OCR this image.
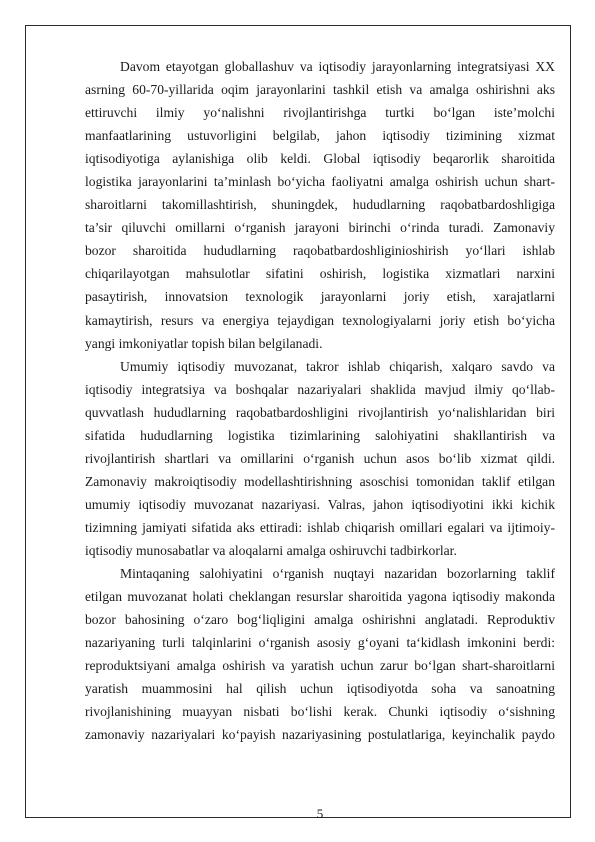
Davom etayotgan globallashuv va iqtisodiy jarayonlarning integratsiyasi XX
asrning 60-70-yillarida oqim jarayonlarini tashkil etish va amalga oshirishni aks
ettiruvchi ilmiy yoʻnalishni rivojlantirishga turtki boʻlgan isteʼmolchi
manfaatlarining ustuvorligini belgilab, jahon iqtisodiy tizimining xizmat
iqtisodiyotiga aylanishiga olib keldi. Global iqtisodiy beqarorlik sharoitida
logistika jarayonlarini taʼminlash boʻyicha faoliyatni amalga oshirish uchun shart-
sharoitlarni takomillashtirish, shuningdek, hududlarning raqobatbardoshligiga
ta’sir qiluvchi omillarni oʻrganish jarayoni birinchi oʻrinda turadi. Zamonaviy
bozor sharoitida hududlarning raqobatbardoshliginioshirish yoʻllari ishlab
chiqarilayotgan mahsulotlar sifatini oshirish, logistika xizmatlari narxini
pasaytirish, innovatsion texnologik jarayonlarni joriy etish, xarajatlarni
kamaytirish, resurs va energiya tejaydigan texnologiyalarni joriy etish boʻyicha
yangi imkoniyatlar topish bilan belgilanadi.
Umumiy iqtisodiy muvozanat, takror ishlab chiqarish, xalqaro savdo va
iqtisodiy integratsiya va boshqalar nazariyalari shaklida mavjud ilmiy qoʻllab-
quvvatlash hududlarning raqobatbardoshligini rivojlantirish yoʻnalishlaridan biri
sifatida hududlarning logistika tizimlarining salohiyatini shakllantirish va
rivojlantirish shartlari va omillarini oʻrganish uchun asos boʻlib xizmat qildi.
Zamonaviy makroiqtisodiy modellashtirishning asoschisi tomonidan taklif etilgan
umumiy iqtisodiy muvozanat nazariyasi. Valras, jahon iqtisodiyotini ikki kichik
tizimning jamiyati sifatida aks ettiradi: ishlab chiqarish omillari egalari va ijtimoiy-
iqtisodiy munosabatlar va aloqalarni amalga oshiruvchi tadbirkorlar.
Mintaqaning salohiyatini oʻrganish nuqtayi nazaridan bozorlarning taklif
etilgan muvozanat holati cheklangan resurslar sharoitida yagona iqtisodiy makonda
bozor bahosining oʻzaro bogʻliqligini amalga oshirishni anglatadi. Reproduktiv
nazariyaning turli talqinlarini oʻrganish asosiy gʻoyani taʻkidlash imkonini berdi:
reproduktsiyani amalga oshirish va yaratish uchun zarur boʻlgan shart-sharoitlarni
yaratish muammosini hal qilish uchun iqtisodiyotda soha va sanoatning
rivojlanishining muayyan nisbati boʻlishi kerak. Chunki iqtisodiy oʻsishning
zamonaviy nazariyalari koʻpayish nazariyasining postulatlariga, keyinchalik paydo
5
